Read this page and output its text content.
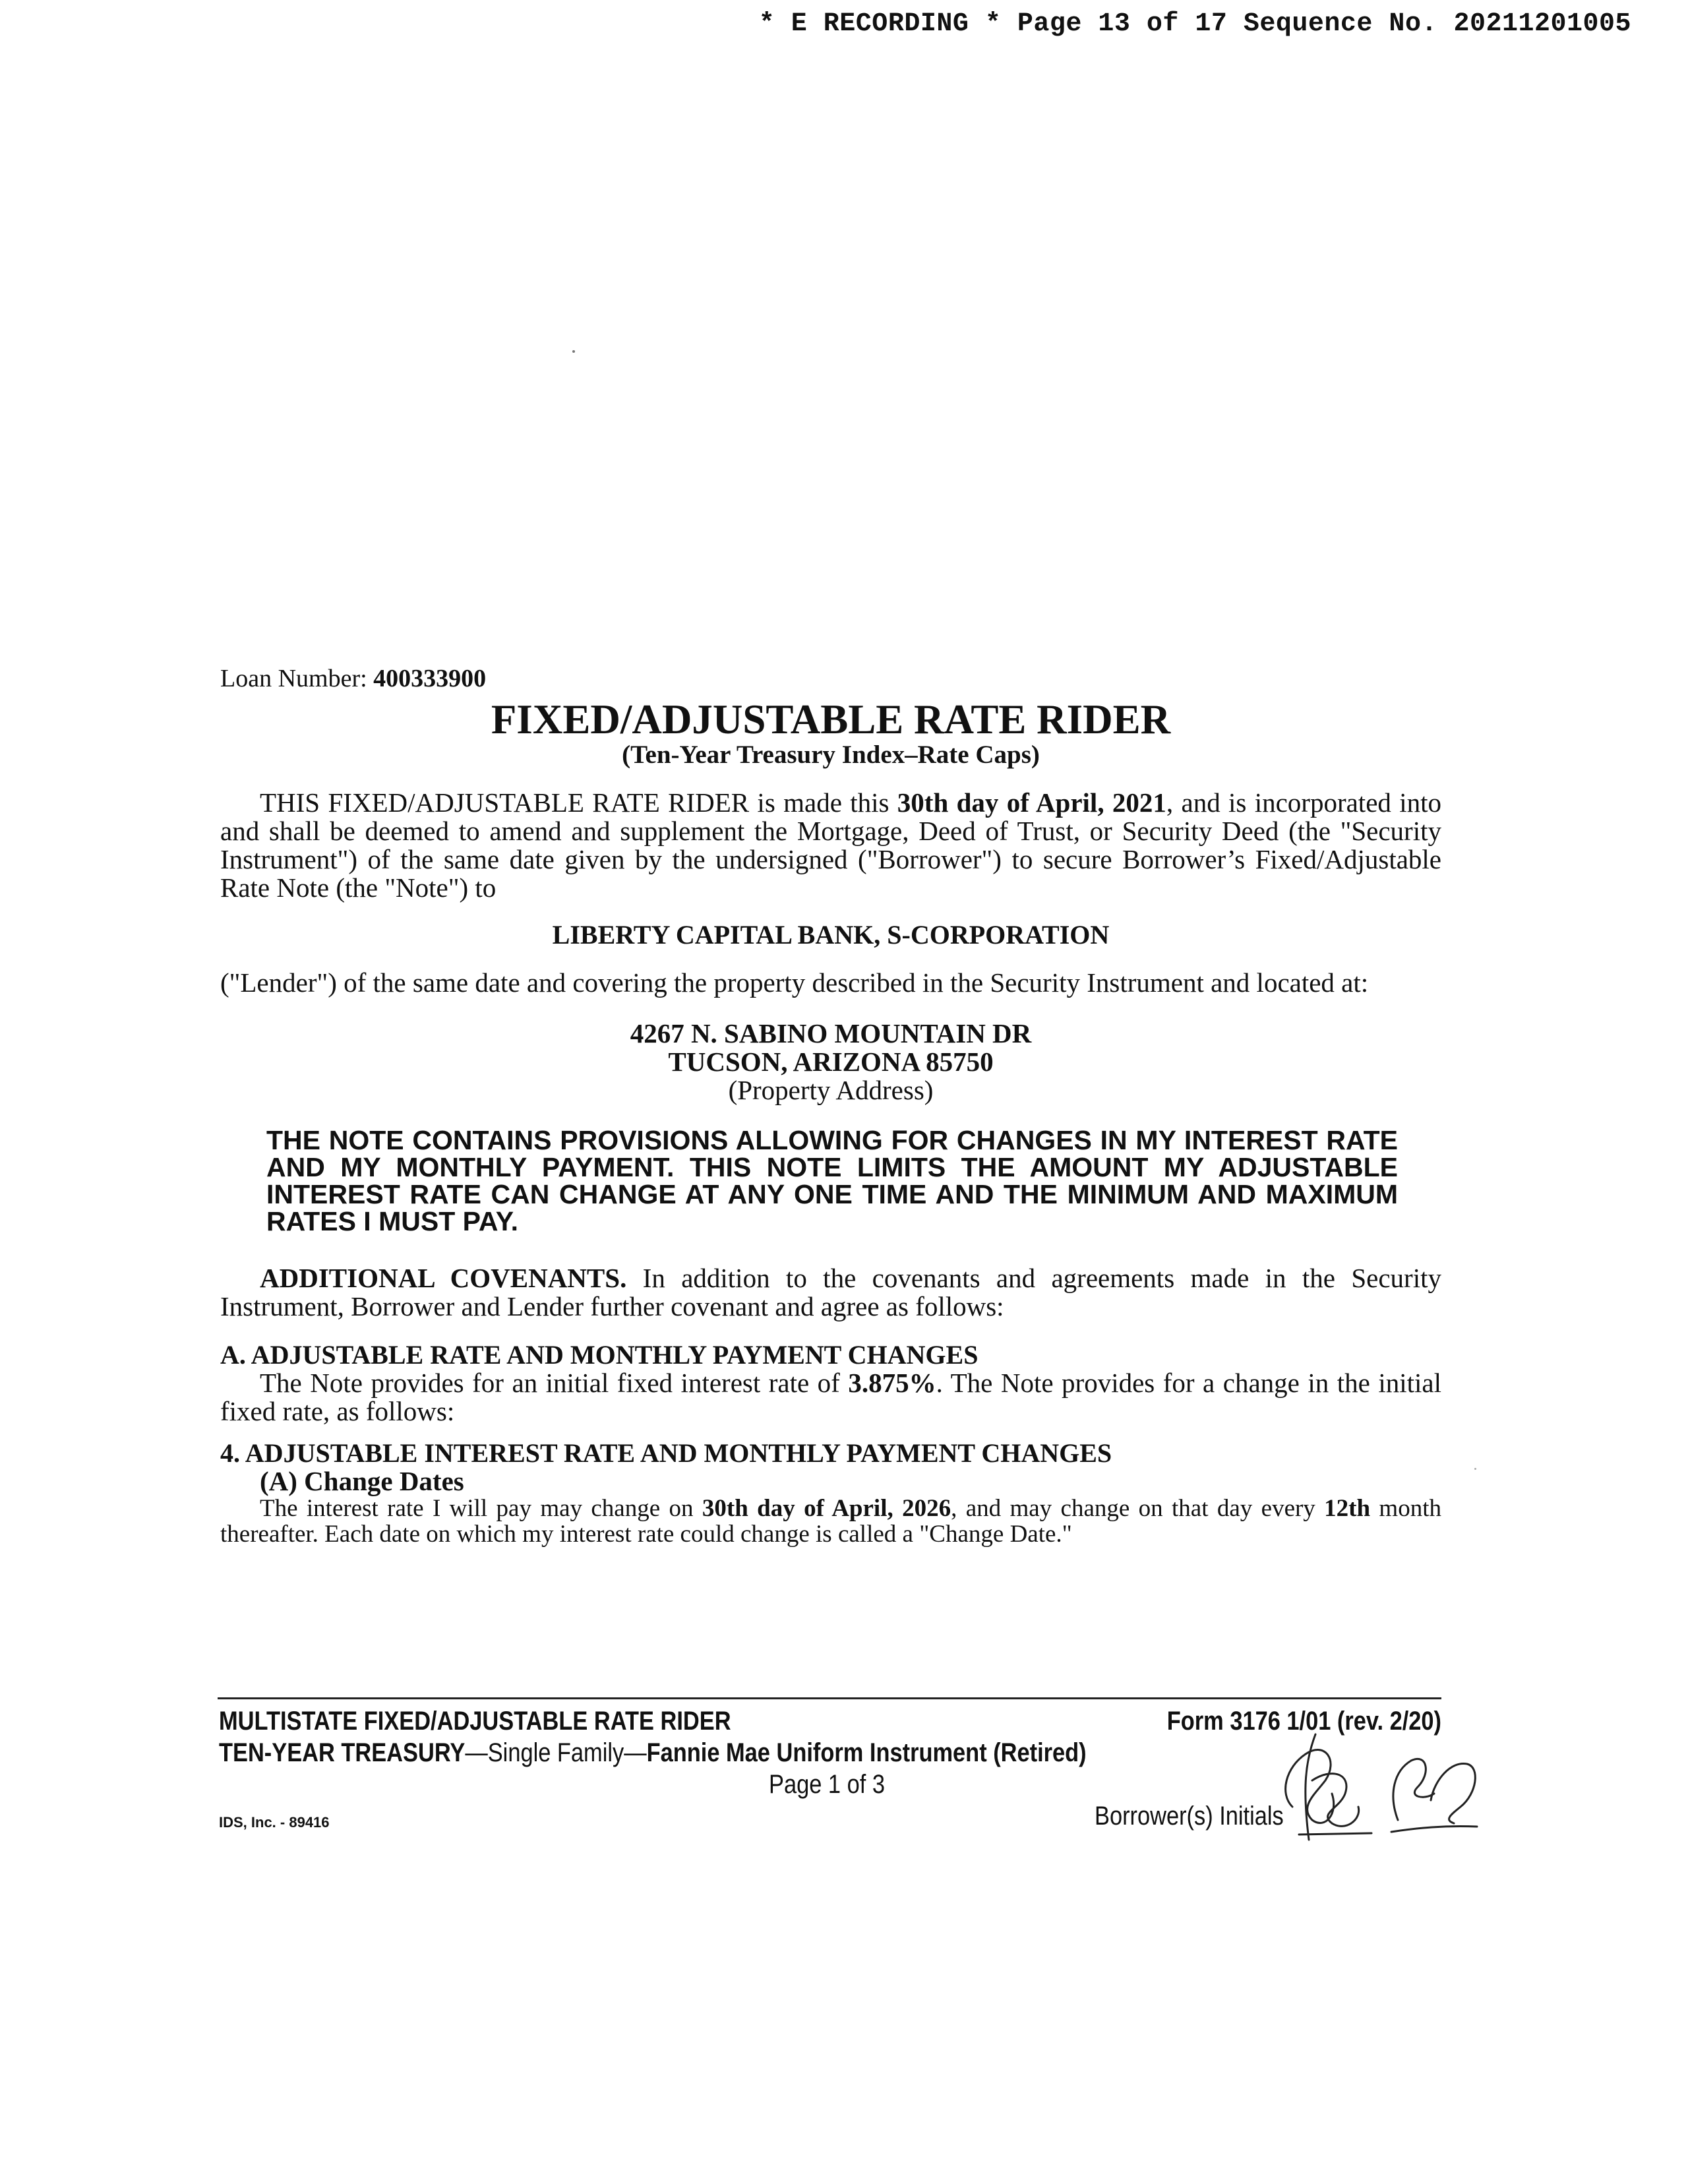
* E RECORDING * Page 13 of 17 Sequence No. 20211201005

Loan Number: 400333900

FIXED/ADJUSTABLE RATE RIDER

(Ten-Year Treasury Index–Rate Caps)

THIS FIXED/ADJUSTABLE RATE RIDER is made this 30th day of April, 2021, and is incorporated into and shall be deemed to amend and supplement the Mortgage, Deed of Trust, or Security Deed (the "Security Instrument") of the same date given by the undersigned ("Borrower") to secure Borrower’s Fixed/Adjustable Rate Note (the "Note") to

LIBERTY CAPITAL BANK, S-CORPORATION

("Lender") of the same date and covering the property described in the Security Instrument and located at:

4267 N. SABINO MOUNTAIN DR
TUCSON, ARIZONA 85750
(Property Address)

THE NOTE CONTAINS PROVISIONS ALLOWING FOR CHANGES IN MY INTEREST RATE AND MY MONTHLY PAYMENT. THIS NOTE LIMITS THE AMOUNT MY ADJUSTABLE INTEREST RATE CAN CHANGE AT ANY ONE TIME AND THE MINIMUM AND MAXIMUM RATES I MUST PAY.

ADDITIONAL COVENANTS. In addition to the covenants and agreements made in the Security Instrument, Borrower and Lender further covenant and agree as follows:

A. ADJUSTABLE RATE AND MONTHLY PAYMENT CHANGES

The Note provides for an initial fixed interest rate of 3.875%. The Note provides for a change in the initial fixed rate, as follows:

4. ADJUSTABLE INTEREST RATE AND MONTHLY PAYMENT CHANGES

(A) Change Dates

The interest rate I will pay may change on 30th day of April, 2026, and may change on that day every 12th month thereafter. Each date on which my interest rate could change is called a "Change Date."

MULTISTATE FIXED/ADJUSTABLE RATE RIDER	Form 3176 1/01 (rev. 2/20)
TEN-YEAR TREASURY—Single Family—Fannie Mae Uniform Instrument (Retired)
Page 1 of 3
IDS, Inc. - 89416	Borrower(s) Initials
